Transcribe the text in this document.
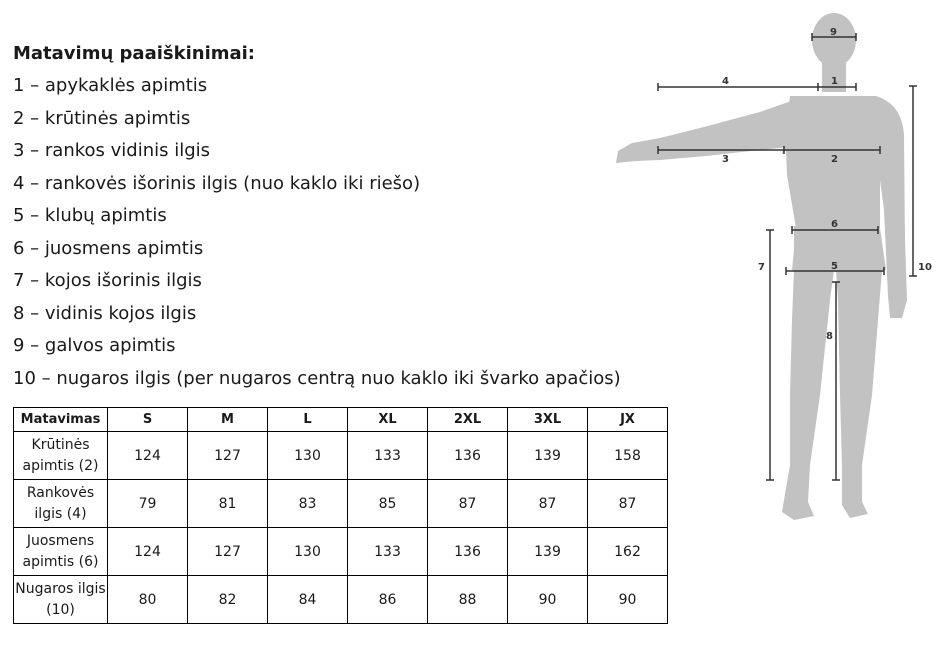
Matavimų paaiškinimai:
1 – apykaklės apimtis
2 – krūtinės apimtis
3 – rankos vidinis ilgis
4 – rankovės išorinis ilgis (nuo kaklo iki riešo)
5 – klubų apimtis
6 – juosmens apimtis
7 – kojos išorinis ilgis
8 – vidinis kojos ilgis
9 – galvos apimtis
10 – nugaros ilgis (per nugaros centrą nuo kaklo iki švarko apačios)
Matavimas	S	M	L	XL	2XL	3XL	JX
Krūtinės apimtis (2)	124	127	130	133	136	139	158
Rankovės ilgis (4)	79	81	83	85	87	87	87
Juosmens apimtis (6)	124	127	130	133	136	139	162
Nugaros ilgis (10)	80	82	84	86	88	90	90
9
4	1
3	2
6
5
7
8
10
